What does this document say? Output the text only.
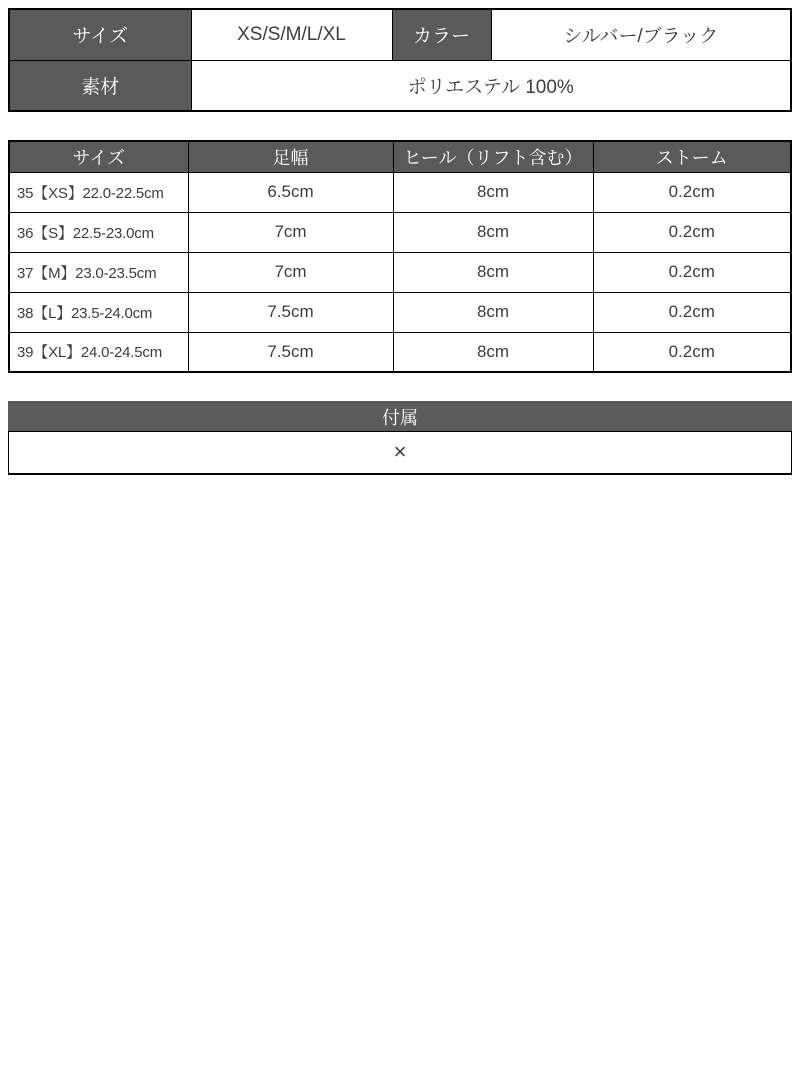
サイズ	XS/S/M/L/XL	カラー	シルバー/ブラック
素材	ポリエステル 100%		
サイズ	足幅	ヒール（リフト含む）	ストーム
35【XS】22.0-22.5cm	6.5cm	8cm	0.2cm
36【S】22.5-23.0cm	7cm	8cm	0.2cm
37【M】23.0-23.5cm	7cm	8cm	0.2cm
38【L】23.5-24.0cm	7.5cm	8cm	0.2cm
39【XL】24.0-24.5cm	7.5cm	8cm	0.2cm
付属
×
